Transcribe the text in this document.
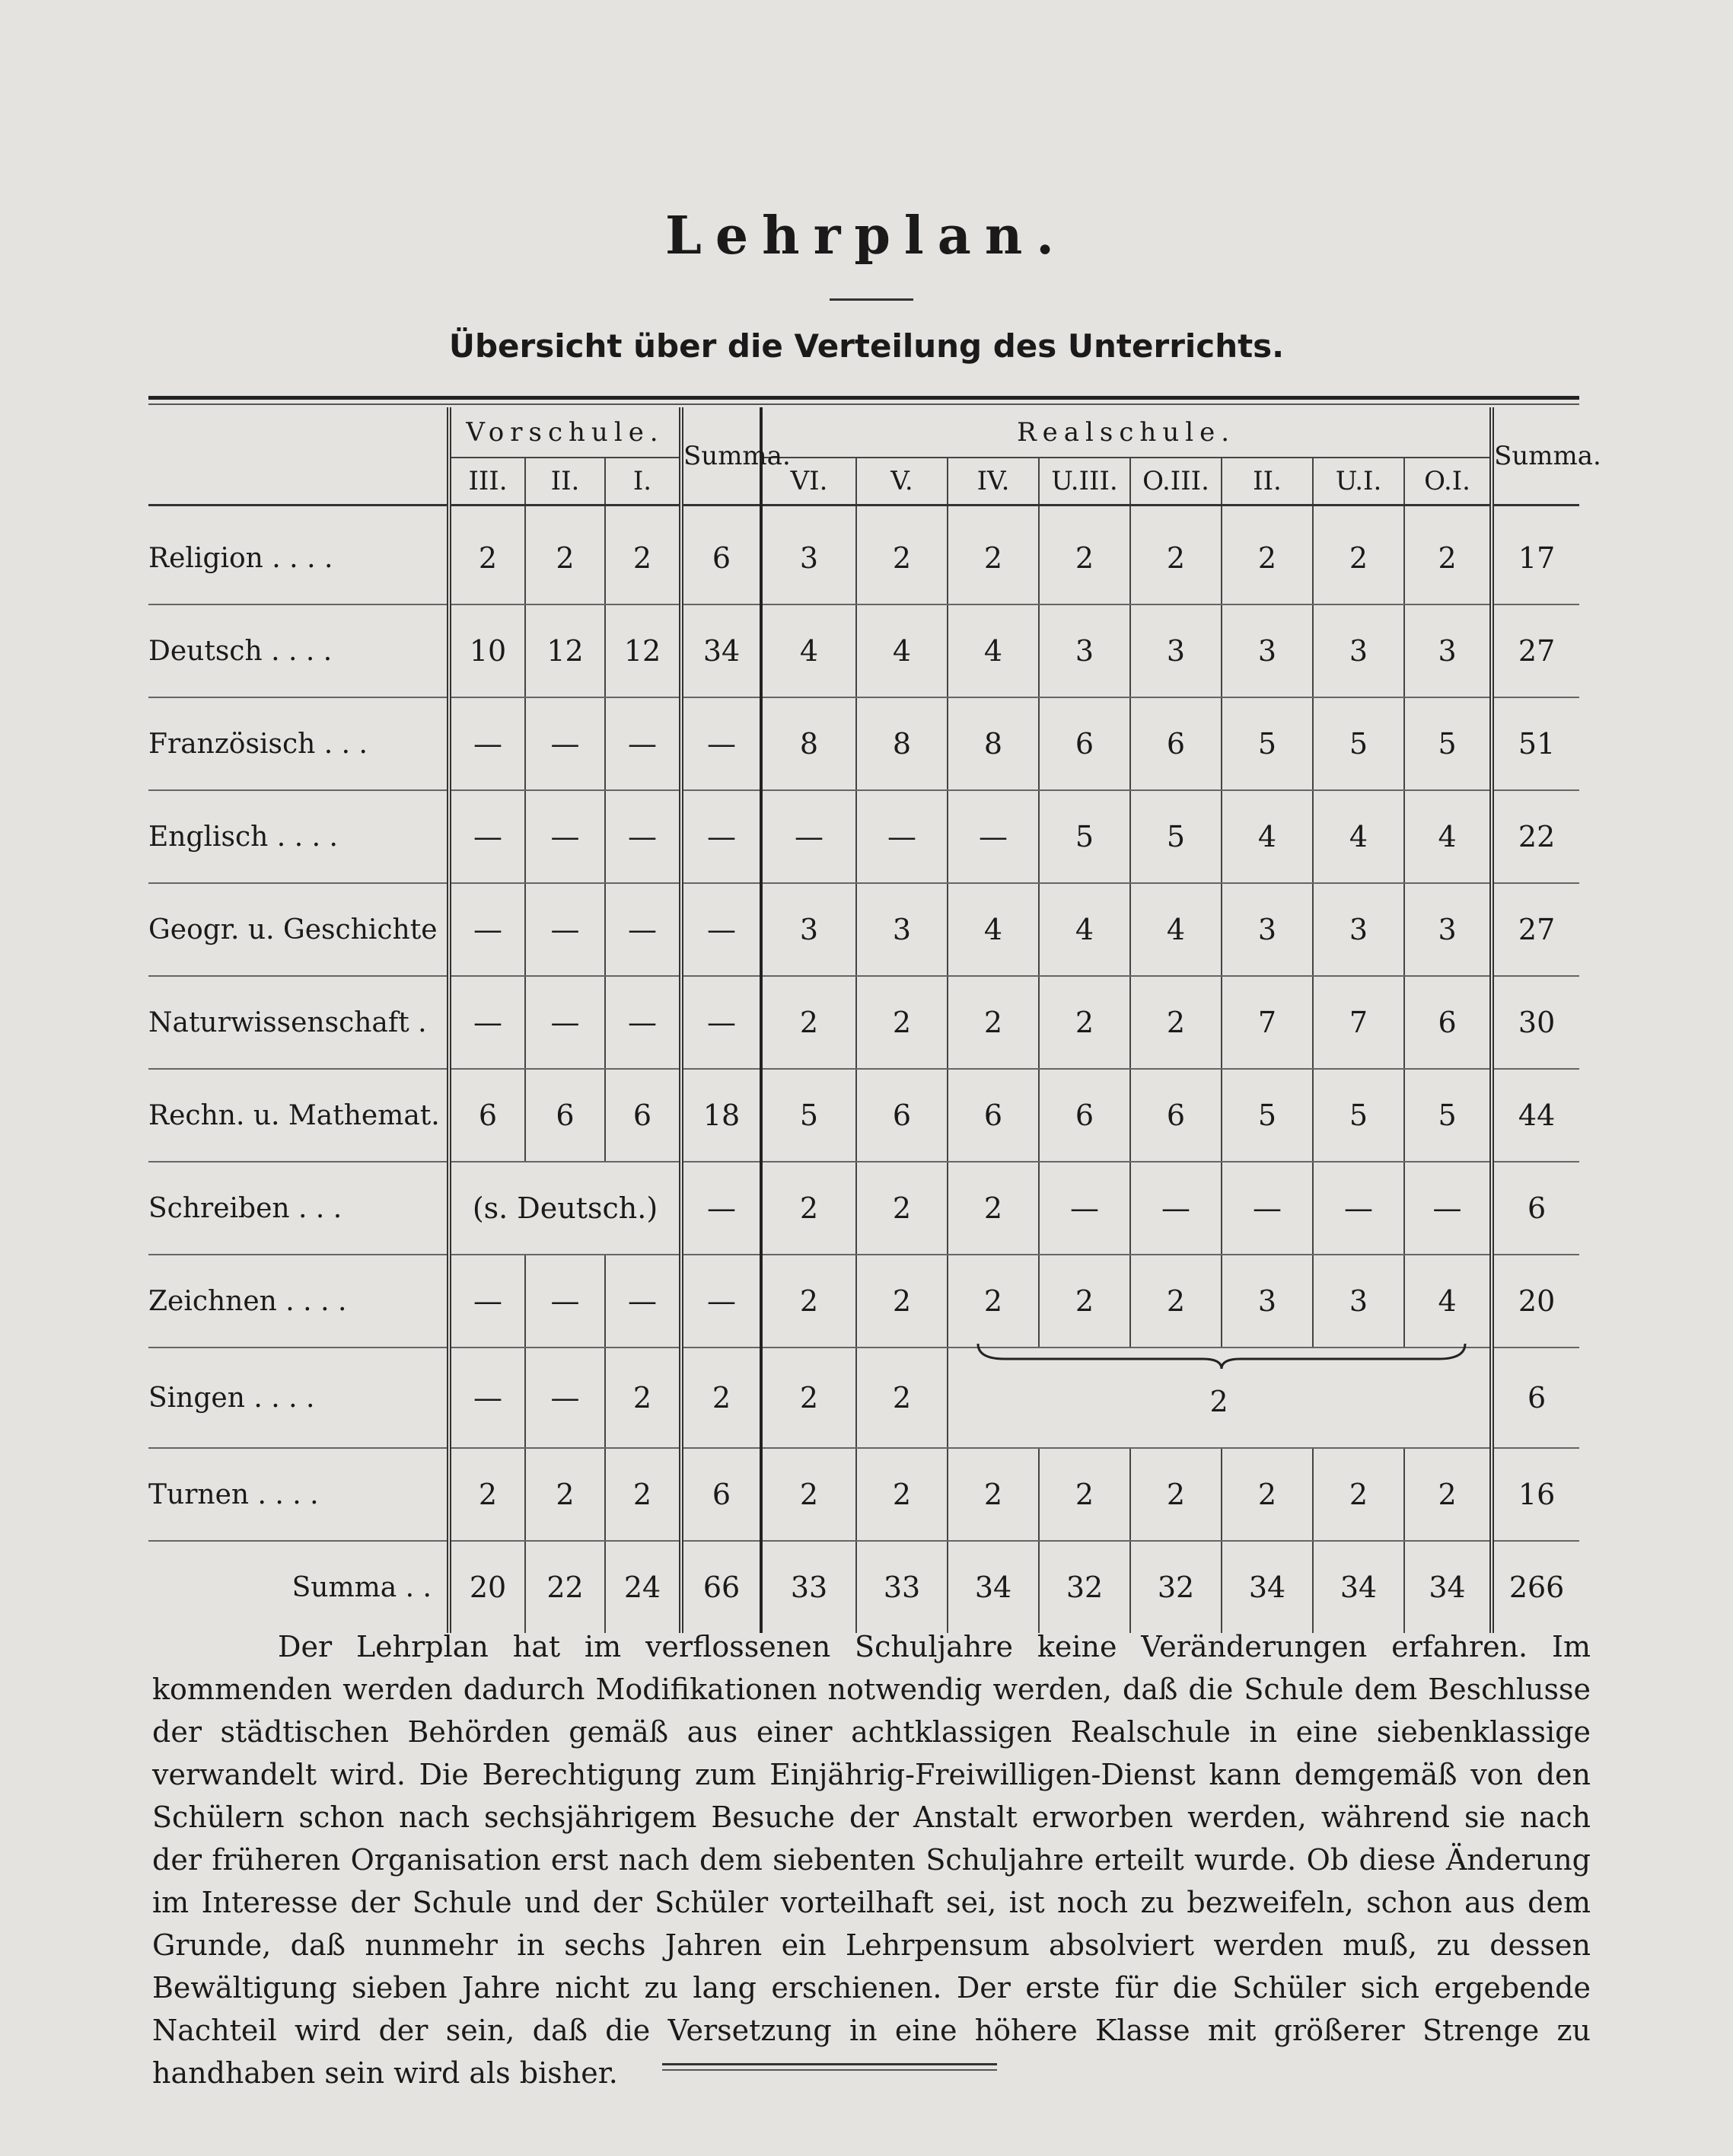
Lehrplan.
Übersicht über die Verteilung des Unterrichts.
	Vorschule.			Summa.	Realschule.								Summa.
	III.	II.	I.		VI.	V.	IV.	U.III.	O.III.	II.	U.I.	O.I.	

Religion . . . .	2	2	2	6	3	2	2	2	2	2	2	2	17
Deutsch . . . .	10	12	12	34	4	4	4	3	3	3	3	3	27
Französisch . . .	—	—	—	—	8	8	8	6	6	5	5	5	51
Englisch . . . .	—	—	—	—	—	—	—	5	5	4	4	4	22
Geogr. u. Geschichte	—	—	—	—	3	3	4	4	4	3	3	3	27
Naturwissenschaft .	—	—	—	—	2	2	2	2	2	7	7	6	30
Rechn. u. Mathemat.	6	6	6	18	5	6	6	6	6	5	5	5	44
Schreiben . . .	(s. Deutsch.)			—	2	2	2	—	—	—	—	—	6
Zeichnen . . . .	—	—	—	—	2	2	2	2	2	3	3	4	20
Singen . . . .	—	—	2	2	2	2	2						6
Turnen . . . .	2	2	2	6	2	2	2	2	2	2	2	2	16
Summa . .	20	22	24	66	33	33	34	32	32	34	34	34	266
Der Lehrplan hat im verflossenen Schuljahre keine Veränderungen erfahren. Im kommenden werden dadurch Modifikationen notwendig werden, daß die Schule dem Beschlusse der städtischen Behörden gemäß aus einer achtklassigen Realschule in eine siebenklassige verwandelt wird. Die Berechtigung zum Einjährig-Freiwilligen-Dienst kann demgemäß von den Schülern schon nach sechsjährigem Besuche der Anstalt erworben werden, während sie nach der früheren Organisation erst nach dem siebenten Schuljahre erteilt wurde. Ob diese Änderung im Interesse der Schule und der Schüler vorteilhaft sei, ist noch zu bezweifeln, schon aus dem Grunde, daß nunmehr in sechs Jahren ein Lehrpensum absolviert werden muß, zu dessen Bewältigung sieben Jahre nicht zu lang erschienen. Der erste für die Schüler sich ergebende Nachteil wird der sein, daß die Versetzung in eine höhere Klasse mit größerer Strenge zu handhaben sein wird als bisher.
